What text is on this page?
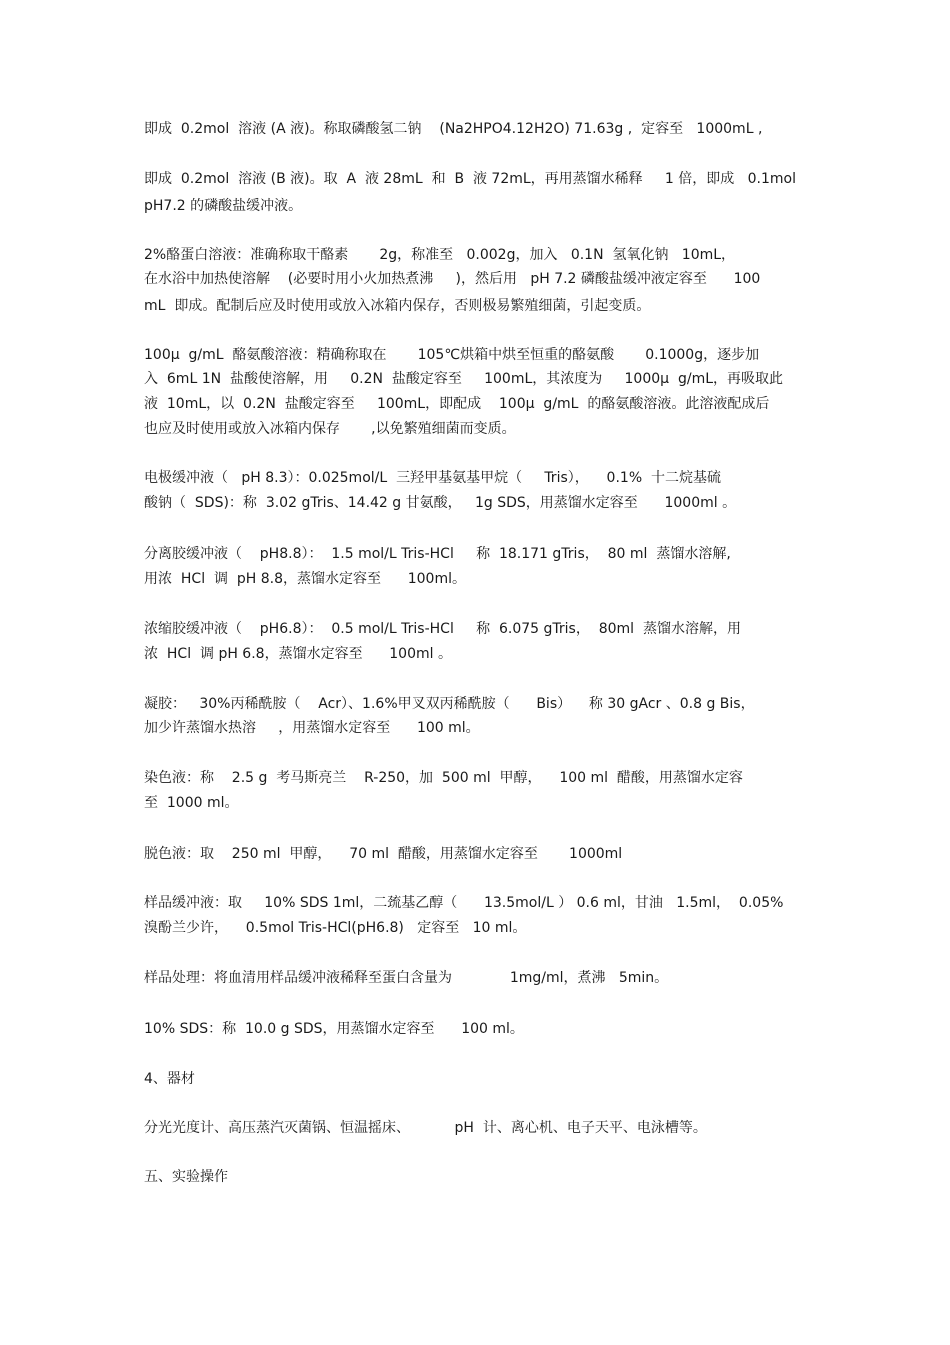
即成  0.2mol  溶液 (A 液)。称取磷酸氢二钠    (Na2HPO4.12H2O) 71.63g ,  定容至   1000mL ,
即成  0.2mol  溶液 (B 液)。取  A  液 28mL  和  B  液 72mL，再用蒸馏水稀释     1 倍，即成   0.1mol
pH7.2 的磷酸盐缓冲液。
2%酪蛋白溶液：准确称取干酪素       2g，称准至   0.002g，加入   0.1N  氢氧化钠   10mL，
在水浴中加热使溶解    (必要时用小火加热煮沸     )，然后用   pH 7.2 磷酸盐缓冲液定容至      100
mL  即成。配制后应及时使用或放入冰箱内保存，否则极易繁殖细菌，引起变质。
100μ  g/mL  酪氨酸溶液：精确称取在       105℃烘箱中烘至恒重的酪氨酸       0.1000g，逐步加
入  6mL 1N  盐酸使溶解，用     0.2N  盐酸定容至     100mL，其浓度为     1000μ  g/mL，再吸取此
液  10mL，以  0.2N  盐酸定容至     100mL，即配成    100μ  g/mL  的酪氨酸溶液。此溶液配成后
也应及时使用或放入冰箱内保存       ,以免繁殖细菌而变质。
电极缓冲液（   pH 8.3）：0.025mol/L  三羟甲基氨基甲烷（     Tris），    0.1%  十二烷基硫
酸钠（  SDS)：称  3.02 gTris、14.42 g 甘氨酸，   1g SDS，用蒸馏水定容至      1000ml 。
分离胶缓冲液（    pH8.8）：  1.5 mol/L Tris-HCl     称  18.171 gTris，  80 ml  蒸馏水溶解,
用浓  HCl  调  pH 8.8，蒸馏水定容至      100ml。
浓缩胶缓冲液（    pH6.8）：  0.5 mol/L Tris-HCl     称  6.075 gTris，  80ml  蒸馏水溶解，用
浓  HCl  调 pH 6.8，蒸馏水定容至      100ml 。
凝胶：   30%丙稀酰胺（    Acr）、1.6%甲叉双丙稀酰胺（      Bis）    称 30 gAcr 、0.8 g Bis，
加少许蒸馏水热溶     ，用蒸馏水定容至      100 ml。
染色液：称    2.5 g  考马斯亮兰    R-250，加  500 ml  甲醇，    100 ml  醋酸，用蒸馏水定容
至  1000 ml。
脱色液：取    250 ml  甲醇，    70 ml  醋酸，用蒸馏水定容至       1000ml
样品缓冲液：取     10% SDS 1ml，二巯基乙醇（      13.5mol/L ） 0.6 ml，甘油   1.5ml，  0.05%
溴酚兰少许，    0.5mol Tris-HCl(pH6.8)   定容至   10 ml。
样品处理：将血清用样品缓冲液稀释至蛋白含量为             1mg/ml，煮沸   5min。
10% SDS：称  10.0 g SDS，用蒸馏水定容至      100 ml。
4、器材
分光光度计、高压蒸汽灭菌锅、恒温摇床、          pH  计、离心机、电子天平、电泳槽等。
五、实验操作
